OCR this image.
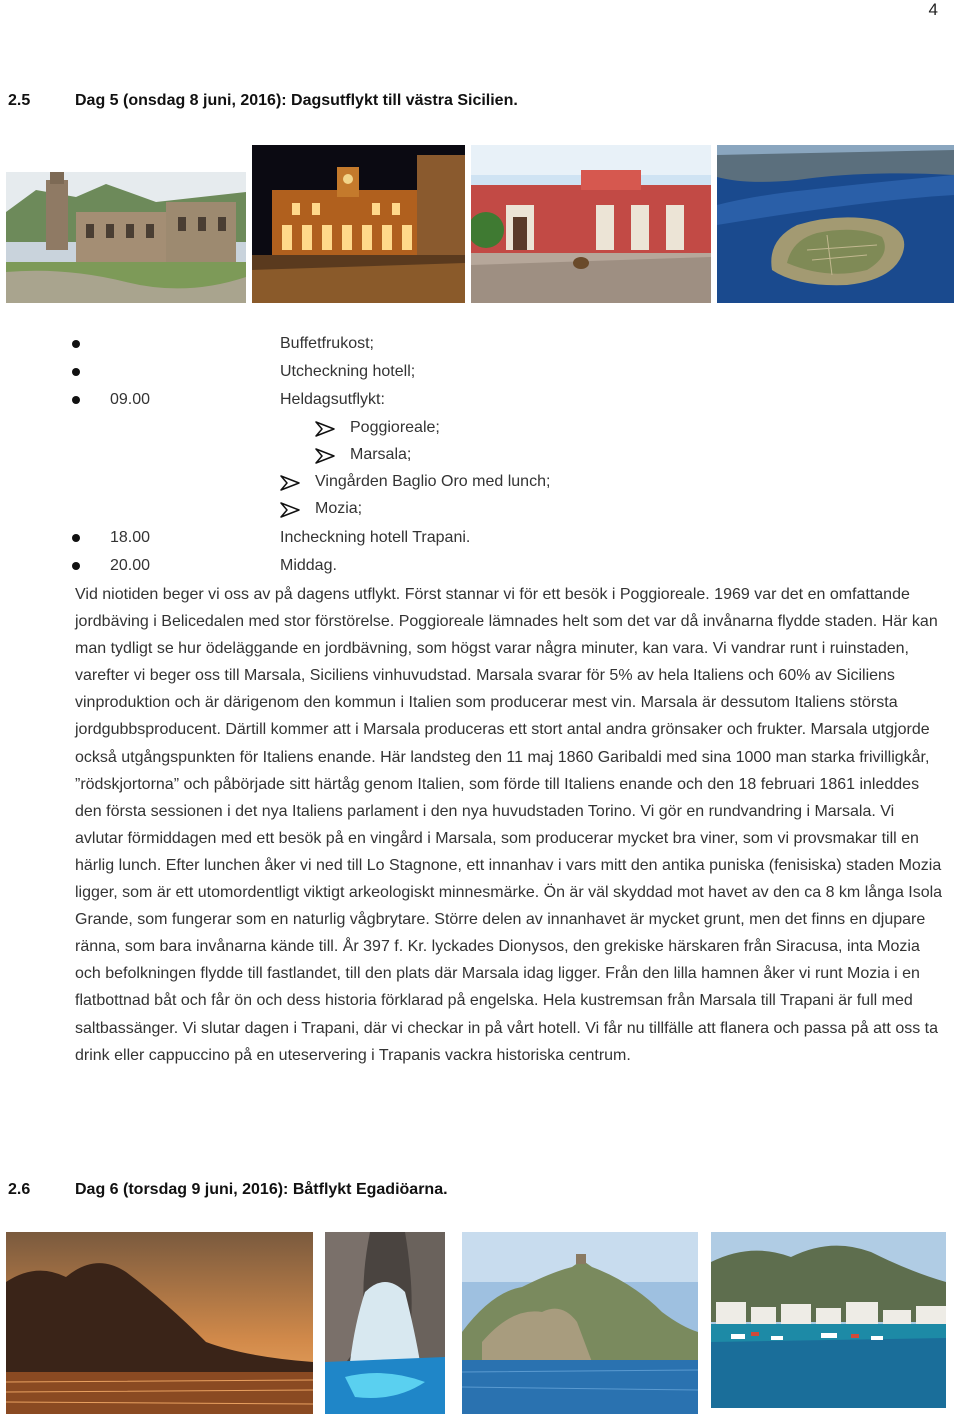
4
2.5	Dag 5 (onsdag 8 juni, 2016): Dagsutflykt till västra Sicilien.
Buffetfrukost;
Utcheckning hotell;
09.00	Heldagsutflykt:
Poggioreale;
Marsala;
Vingården Baglio Oro med lunch;
Mozia;
18.00	Incheckning hotell Trapani.
20.00	Middag.

Vid niotiden beger vi oss av på dagens utflykt. Först stannar vi för ett besök i Poggioreale. 1969 var det en omfattande jordbäving i Belicedalen med stor förstörelse. Poggioreale lämnades helt som det var då invånarna flydde staden. Här kan man tydligt se hur ödeläggande en jordbävning, som högst varar några minuter, kan vara. Vi vandrar runt i ruinstaden, varefter vi beger oss till Marsala, Siciliens vinhuvudstad. Marsala svarar för 5% av hela Italiens och 60% av Siciliens vinproduktion och är därigenom den kommun i Italien som producerar mest vin. Marsala är dessutom Italiens största jordgubbsproducent. Därtill kommer att i Marsala produceras ett stort antal andra grönsaker och frukter. Marsala utgjorde också utgångspunkten för Italiens enande. Här landsteg den 11 maj 1860 Garibaldi med sina 1000 man starka frivilligkår, ”rödskjortorna” och påbörjade sitt härtåg genom Italien, som förde till Italiens enande och den 18 februari 1861 inleddes den första sessionen i det nya Italiens parlament i den nya huvudstaden Torino. Vi gör en rundvandring i Marsala. Vi avlutar förmiddagen med ett besök på en vingård i Marsala, som producerar mycket bra viner, som vi provsmakar till en härlig lunch. Efter lunchen åker vi ned till Lo Stagnone, ett innanhav i vars mitt den antika puniska (fenisiska) staden Mozia ligger, som är ett utomordentligt viktigt arkeologiskt minnesmärke. Ön är väl skyddad mot havet av den ca 8 km långa Isola Grande, som fungerar som en naturlig vågbrytare. Större delen av innanhavet är mycket grunt, men det finns en djupare ränna, som bara invånarna kände till. År 397 f. Kr. lyckades Dionysos, den grekiske härskaren från Siracusa, inta Mozia och befolkningen flydde till fastlandet, till den plats där Marsala idag ligger. Från den lilla hamnen åker vi runt Mozia i en flatbottnad båt och får ön och dess historia förklarad på engelska. Hela kustremsan från Marsala till Trapani är full med saltbassänger. Vi slutar dagen i Trapani, där vi checkar in på vårt hotell. Vi får nu tillfälle att flanera och passa på att oss ta drink eller cappuccino på en uteservering i Trapanis vackra historiska centrum.

2.6	Dag 6 (torsdag 9 juni, 2016): Båtflykt Egadiöarna.
